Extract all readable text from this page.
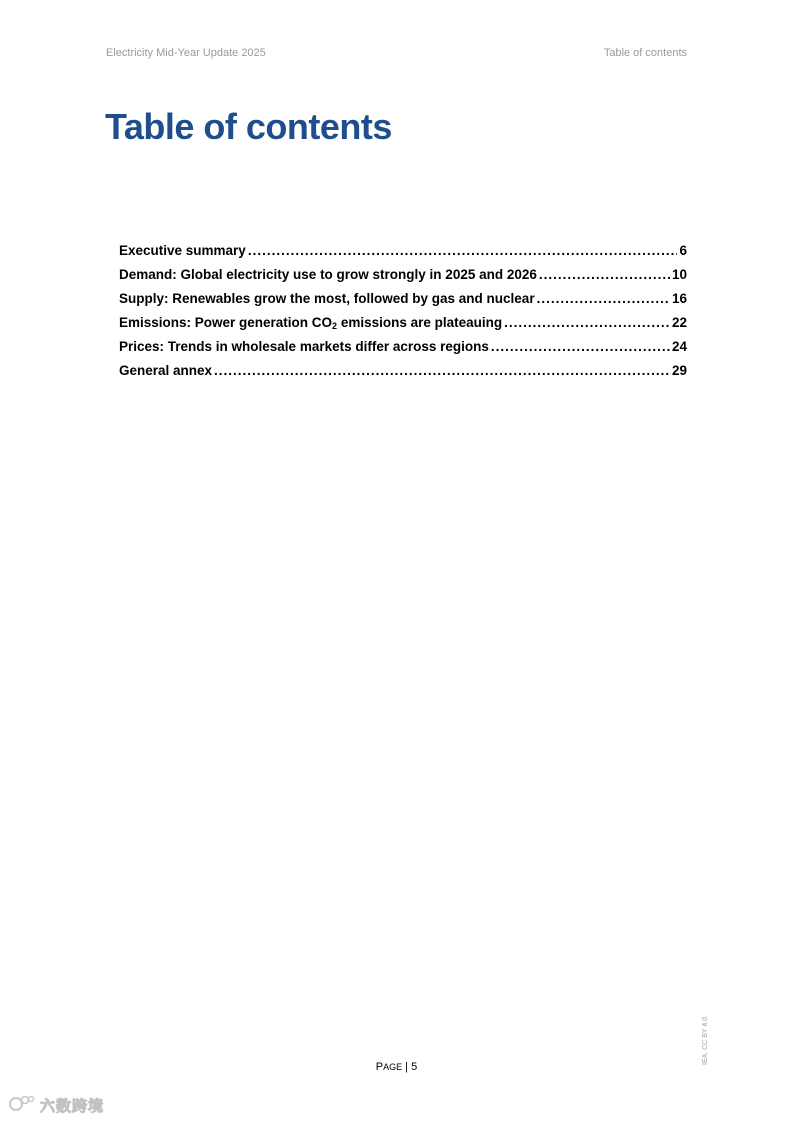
Electricity Mid-Year Update 2025	Table of contents
Table of contents
Executive summary .....	6
Demand: Global electricity use to grow strongly in 2025 and 2026 .....	10
Supply: Renewables grow the most, followed by gas and nuclear .....	16
Emissions: Power generation $CO_2$ emissions are plateauing .....	22
Prices: Trends in wholesale markets differ across regions .....	24
General annex .....	29
PAGE | 5
IEA. CC BY 4.0.
六数跨境
